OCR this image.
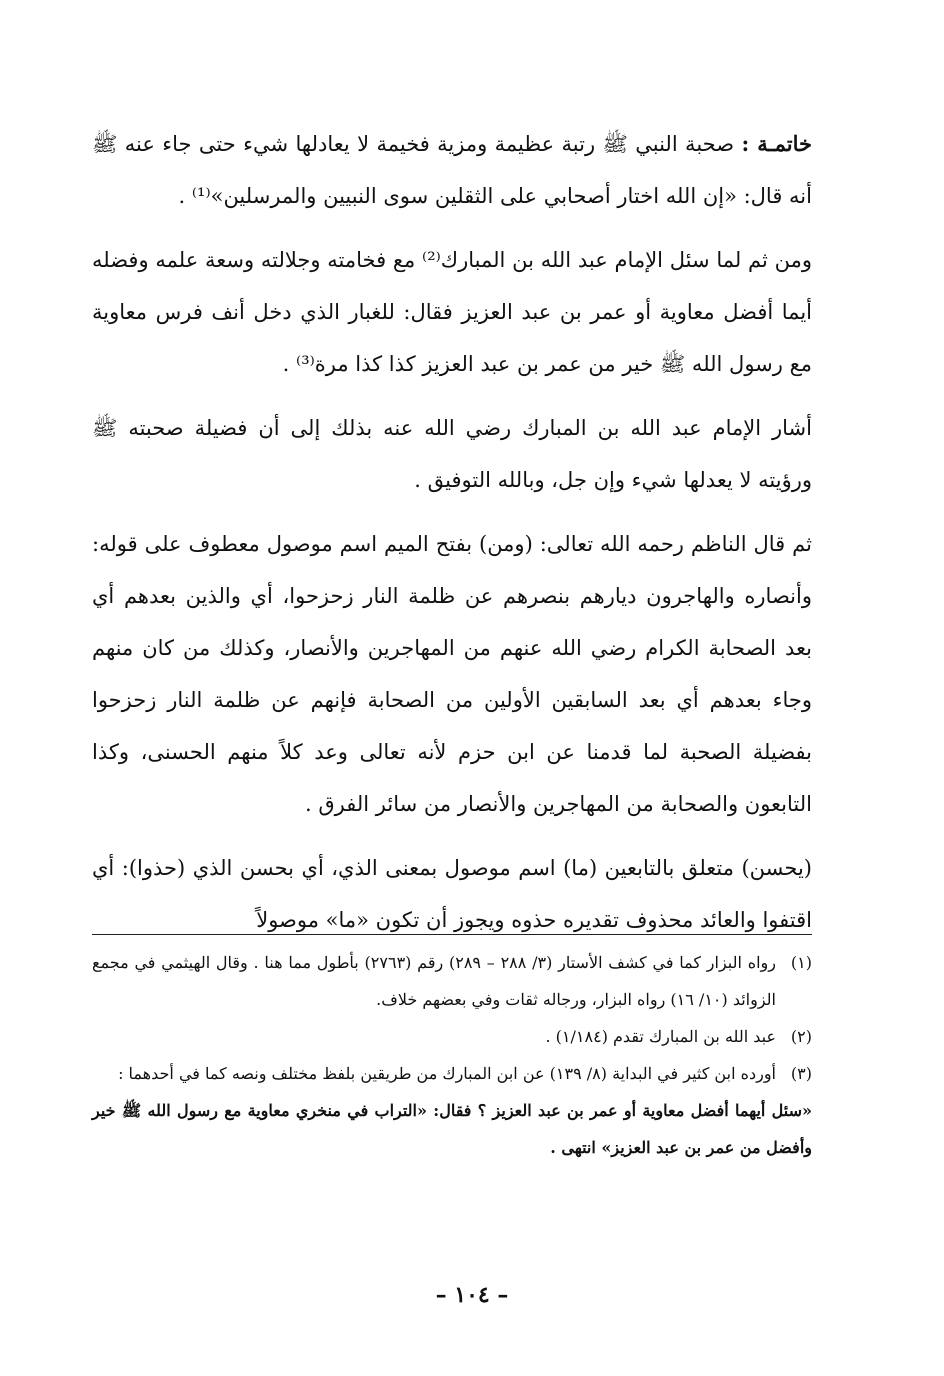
خاتمـة : صحبة النبي ﷺ رتبة عظيمة ومزية فخيمة لا يعادلها شيء حتى جاء عنه ﷺ أنه قال: «إن الله اختار أصحابي على الثقلين سوى النبيين والمرسلين»⁽¹⁾ .

ومن ثم لما سئل الإمام عبد الله بن المبارك⁽²⁾ مع فخامته وجلالته وسعة علمه وفضله أيما أفضل معاوية أو عمر بن عبد العزيز فقال: للغبار الذي دخل أنف فرس معاوية مع رسول الله ﷺ خير من عمر بن عبد العزيز كذا كذا مرة⁽³⁾ .

أشار الإمام عبد الله بن المبارك رضي الله عنه بذلك إلى أن فضيلة صحبته ﷺ ورؤيته لا يعدلها شيء وإن جل، وبالله التوفيق .

ثم قال الناظم رحمه الله تعالى: (ومن) بفتح الميم اسم موصول معطوف على قوله: وأنصاره والهاجرون ديارهم بنصرهم عن ظلمة النار زحزحوا، أي والذين بعدهم أي بعد الصحابة الكرام رضي الله عنهم من المهاجرين والأنصار، وكذلك من كان منهم وجاء بعدهم أي بعد السابقين الأولين من الصحابة فإنهم عن ظلمة النار زحزحوا بفضيلة الصحبة لما قدمنا عن ابن حزم لأنه تعالى وعد كلاً منهم الحسنى، وكذا التابعون والصحابة من المهاجرين والأنصار من سائر الفرق .

(يحسن) متعلق بالتابعين (ما) اسم موصول بمعنى الذي، أي بحسن الذي (حذوا): أي اقتفوا والعائد محذوف تقديره حذوه ويجوز أن تكون «ما» موصولاً

(١)
رواه البزار كما في كشف الأستار (٣/ ٢٨٨ – ٢٨٩) رقم (٢٧٦٣) بأطول مما هنا . وقال الهيثمي في مجمع الزوائد (١٠/ ١٦) رواه البزار، ورجاله ثقات وفي بعضهم خلاف.
(٢)
عبد الله بن المبارك تقدم (١/١٨٤) .
(٣)
أورده ابن كثير في البداية (٨/ ١٣٩) عن ابن المبارك من طريقين بلفظ مختلف ونصه كما في أحدهما :

«سئل أيهما أفضل معاوية أو عمر بن عبد العزيز ؟ فقال: «التراب في منخري معاوية مع رسول الله ﷺ خير وأفضل من عمر بن عبد العزيز» انتهى .

– ١٠٤ –
